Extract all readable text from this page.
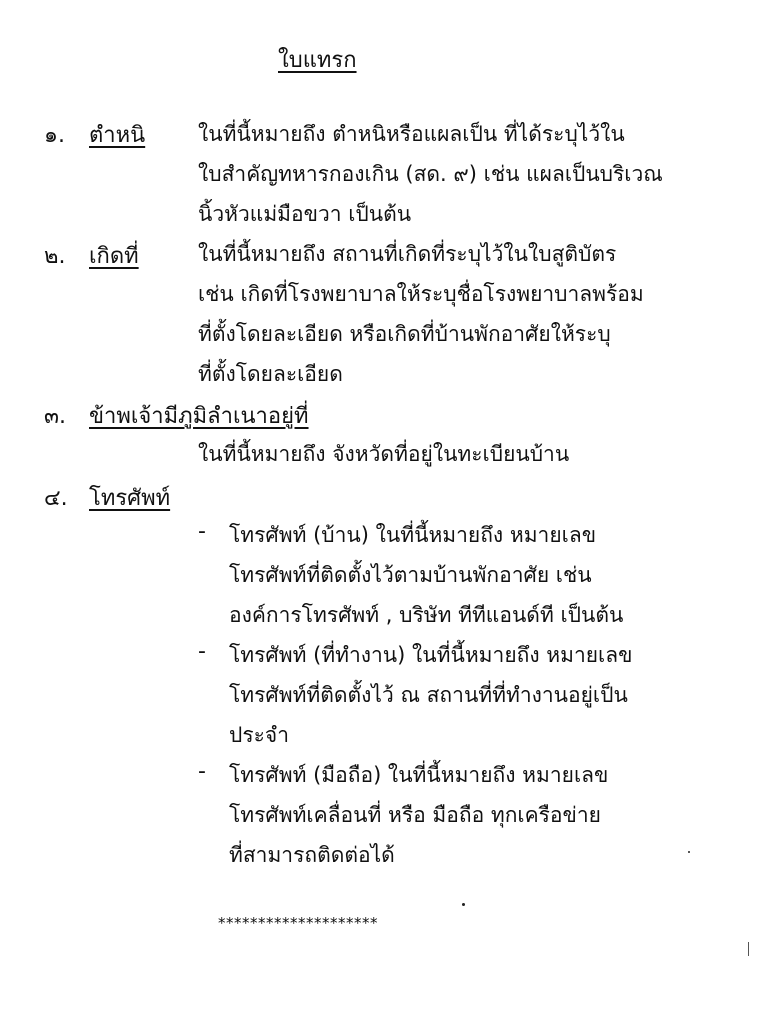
ใบแทรก
๑. ตำหนิ	ในที่นี้หมายถึง ตำหนิหรือแผลเป็น ที่ได้ระบุไว้ใน
ใบสำคัญทหารกองเกิน (สด. ๙) เช่น แผลเป็นบริเวณ
นิ้วหัวแม่มือขวา เป็นต้น
๒. เกิดที่	ในที่นี้หมายถึง สถานที่เกิดที่ระบุไว้ในใบสูติบัตร
เช่น เกิดที่โรงพยาบาลให้ระบุชื่อโรงพยาบาลพร้อม
ที่ตั้งโดยละเอียด หรือเกิดที่บ้านพักอาศัยให้ระบุ
ที่ตั้งโดยละเอียด
๓. ข้าพเจ้ามีภูมิลำเนาอยู่ที่
ในที่นี้หมายถึง จังหวัดที่อยู่ในทะเบียนบ้าน
๔. โทรศัพท์
- โทรศัพท์ (บ้าน) ในที่นี้หมายถึง หมายเลข
โทรศัพท์ที่ติดตั้งไว้ตามบ้านพักอาศัย เช่น
องค์การโทรศัพท์ , บริษัท ทีทีแอนด์ที เป็นต้น
- โทรศัพท์ (ที่ทำงาน) ในที่นี้หมายถึง หมายเลข
โทรศัพท์ที่ติดตั้งไว้ ณ สถานที่ที่ทำงานอยู่เป็น
ประจำ
- โทรศัพท์ (มือถือ) ในที่นี้หมายถึง หมายเลข
โทรศัพท์เคลื่อนที่ หรือ มือถือ ทุกเครือข่าย
ที่สามารถติดต่อได้
********************
